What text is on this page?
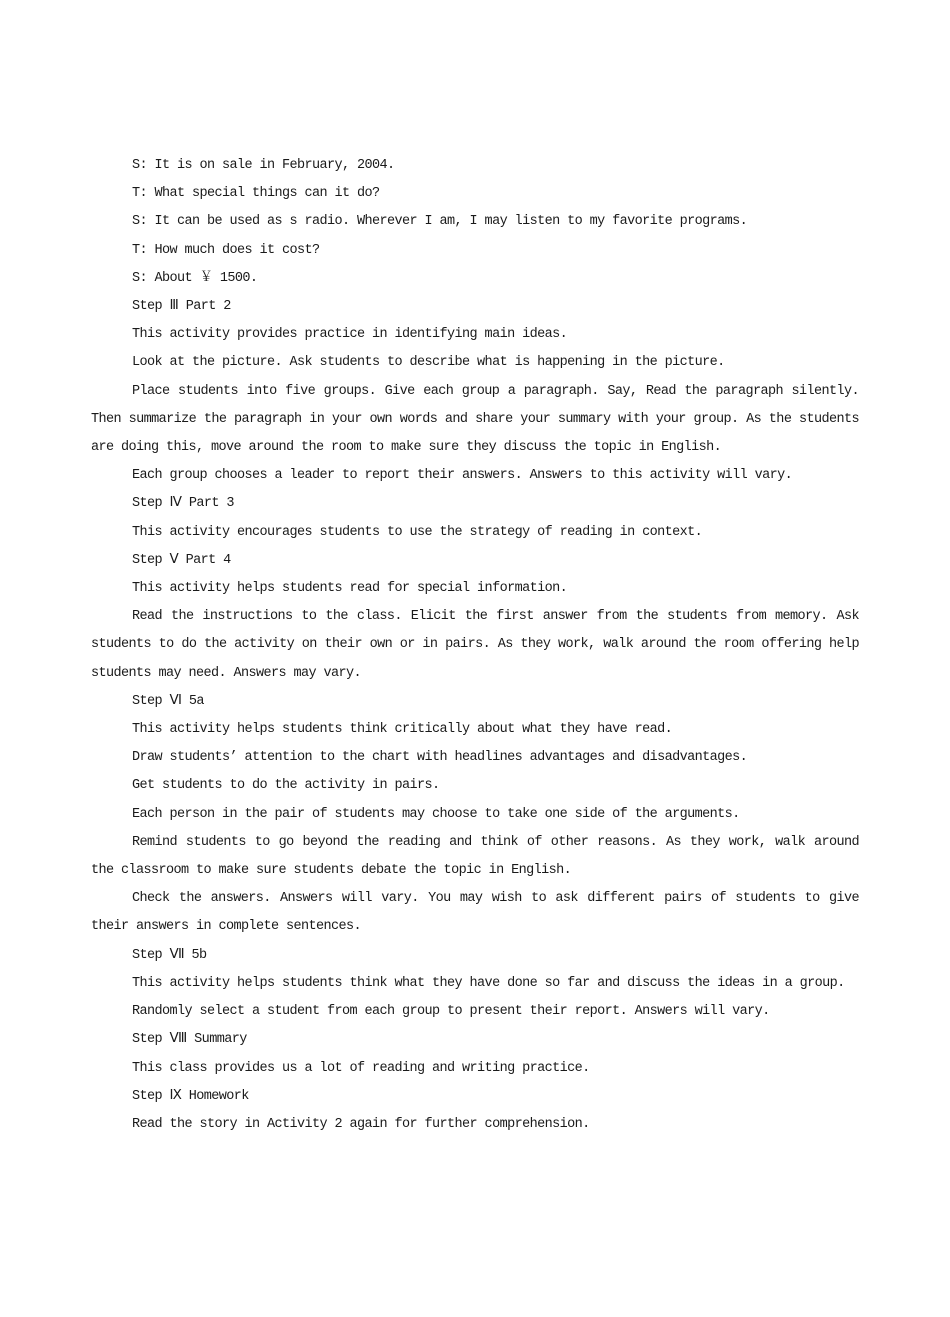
S: It is on sale in February, 2004.

T: What special things can it do?

S: It can be used as s radio. Wherever I am, I may listen to my favorite programs.

T: How much does it cost?

S: About ￥ 1500.

Step Ⅲ Part 2

This activity provides practice in identifying main ideas.

Look at the picture. Ask students to describe what is happening in the picture.

Place students into five groups. Give each group a paragraph. Say, Read the paragraph silently. Then summarize the paragraph in your own words and share your summary with your group. As the students are doing this, move around the room to make sure they discuss the topic in English.

Each group chooses a leader to report their answers. Answers to this activity will vary.

Step Ⅳ Part 3

This activity encourages students to use the strategy of reading in context.

Step Ⅴ Part 4

This activity helps students read for special information.

Read the instructions to the class. Elicit the first answer from the students from memory. Ask students to do the activity on their own or in pairs. As they work, walk around the room offering help students may need. Answers may vary.

Step Ⅵ 5a

This activity helps students think critically about what they have read.

Draw students’ attention to the chart with headlines advantages and disadvantages.

Get students to do the activity in pairs.

Each person in the pair of students may choose to take one side of the arguments.

Remind students to go beyond the reading and think of other reasons. As they work, walk around the classroom to make sure students debate the topic in English.

Check the answers. Answers will vary. You may wish to ask different pairs of students to give their answers in complete sentences.

Step Ⅶ 5b

This activity helps students think what they have done so far and discuss the ideas in a group.

Randomly select a student from each group to present their report. Answers will vary.

Step Ⅷ Summary

This class provides us a lot of reading and writing practice.

Step Ⅸ Homework

Read the story in Activity 2 again for further comprehension.
